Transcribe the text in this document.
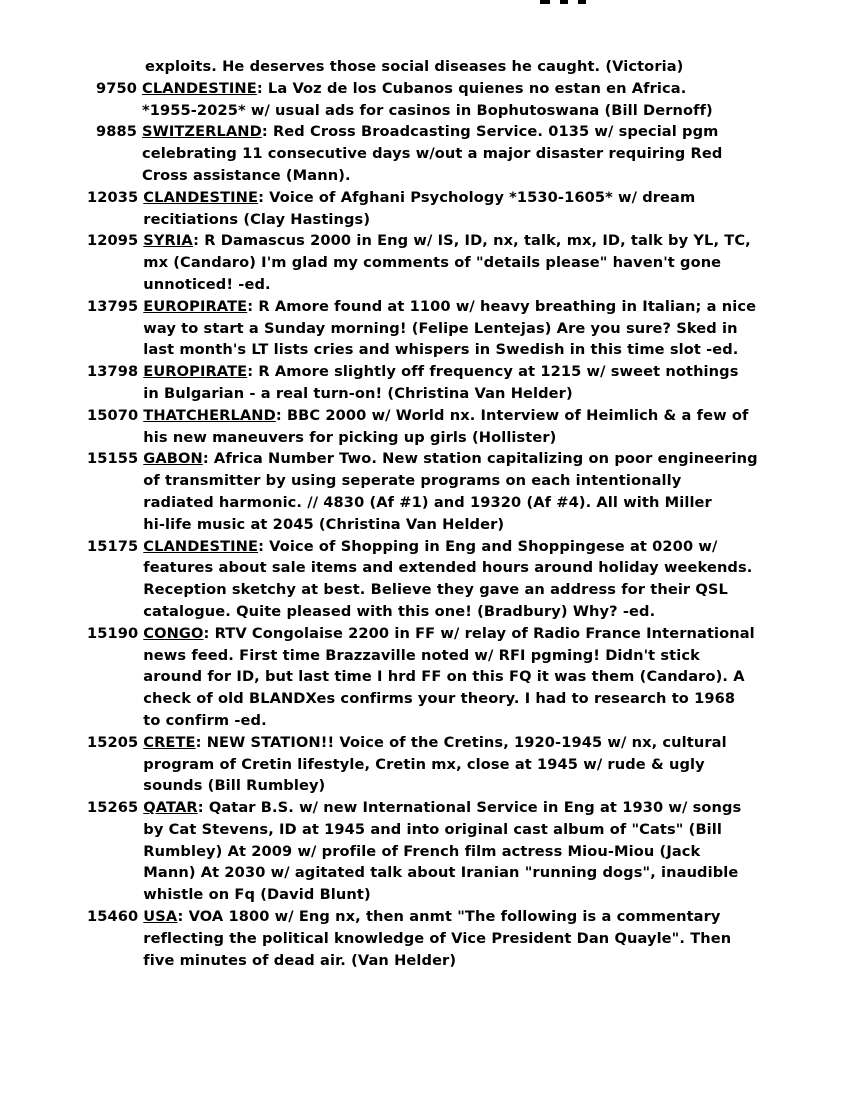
exploits. He deserves those social diseases he caught. (Victoria)
9750 CLANDESTINE: La Voz de los Cubanos quienes no estan en Africa.
*1955-2025* w/ usual ads for casinos in Bophutoswana (Bill Dernoff)
9885 SWITZERLAND: Red Cross Broadcasting Service. 0135 w/ special pgm
celebrating 11 consecutive days w/out a major disaster requiring Red
Cross assistance (Mann).
12035 CLANDESTINE: Voice of Afghani Psychology *1530-1605* w/ dream
recitiations (Clay Hastings)
12095 SYRIA: R Damascus 2000 in Eng w/ IS, ID, nx, talk, mx, ID, talk by YL, TC,
mx (Candaro) I'm glad my comments of "details please" haven't gone
unnoticed! -ed.
13795 EUROPIRATE: R Amore found at 1100 w/ heavy breathing in Italian; a nice
way to start a Sunday morning! (Felipe Lentejas) Are you sure? Sked in
last month's LT lists cries and whispers in Swedish in this time slot -ed.
13798 EUROPIRATE: R Amore slightly off frequency at 1215 w/ sweet nothings
in Bulgarian - a real turn-on! (Christina Van Helder)
15070 THATCHERLAND: BBC 2000 w/ World nx. Interview of Heimlich & a few of
his new maneuvers for picking up girls (Hollister)
15155 GABON: Africa Number Two. New station capitalizing on poor engineering
of transmitter by using seperate programs on each intentionally
radiated harmonic. // 4830 (Af #1) and 19320 (Af #4). All with Miller
hi-life music at 2045 (Christina Van Helder)
15175 CLANDESTINE: Voice of Shopping in Eng and Shoppingese at 0200 w/
features about sale items and extended hours around holiday weekends.
Reception sketchy at best. Believe they gave an address for their QSL
catalogue. Quite pleased with this one! (Bradbury) Why? -ed.
15190 CONGO: RTV Congolaise 2200 in FF w/ relay of Radio France International
news feed. First time Brazzaville noted w/ RFI pgming! Didn't stick
around for ID, but last time I hrd FF on this FQ it was them (Candaro). A
check of old BLANDXes confirms your theory. I had to research to 1968
to confirm -ed.
15205 CRETE: NEW STATION!! Voice of the Cretins, 1920-1945 w/ nx, cultural
program of Cretin lifestyle, Cretin mx, close at 1945 w/ rude & ugly
sounds (Bill Rumbley)
15265 QATAR: Qatar B.S. w/ new International Service in Eng at 1930 w/ songs
by Cat Stevens, ID at 1945 and into original cast album of "Cats" (Bill
Rumbley) At 2009 w/ profile of French film actress Miou-Miou (Jack
Mann) At 2030 w/ agitated talk about Iranian "running dogs", inaudible
whistle on Fq (David Blunt)
15460 USA: VOA 1800 w/ Eng nx, then anmt "The following is a commentary
reflecting the political knowledge of Vice President Dan Quayle". Then
five minutes of dead air. (Van Helder)
